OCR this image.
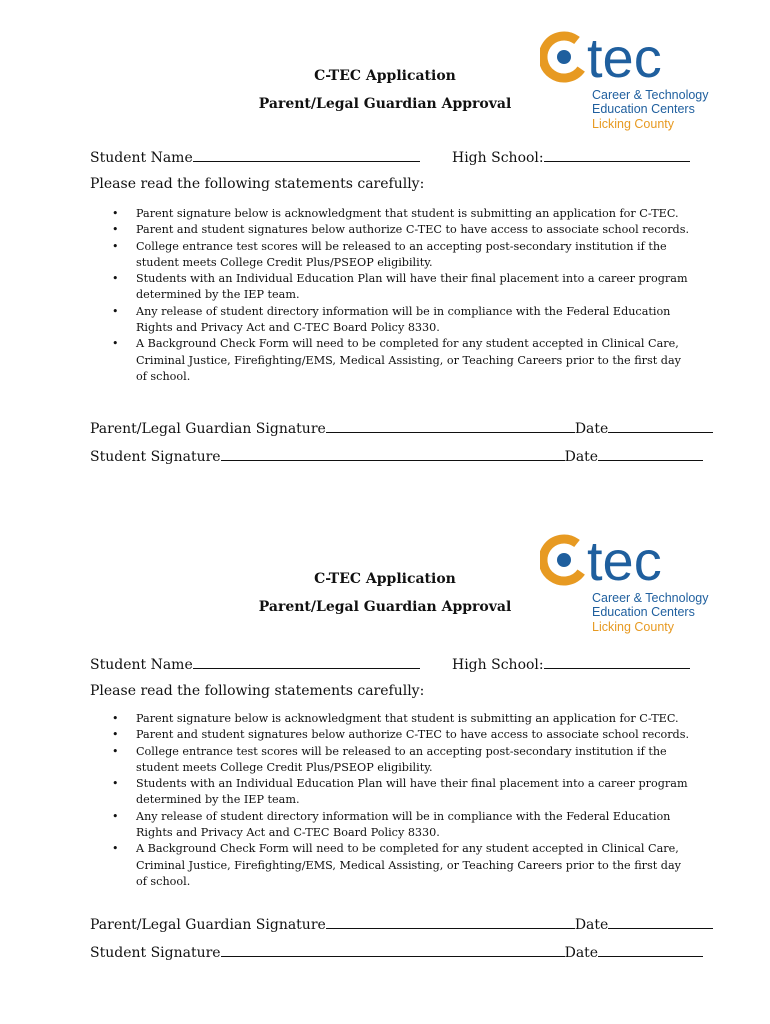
tec
Career & Technology
Education Centers
Licking County
C-TEC Application
Parent/Legal Guardian Approval
Student Name	High School:
Please read the following statements carefully:
• Parent signature below is acknowledgment that student is submitting an application for C-TEC.
• Parent and student signatures below authorize C-TEC to have access to associate school records.
• College entrance test scores will be released to an accepting post-secondary institution if the
student meets College Credit Plus/PSEOP eligibility.
• Students with an Individual Education Plan will have their final placement into a career program
determined by the IEP team.
• Any release of student directory information will be in compliance with the Federal Education
Rights and Privacy Act and C-TEC Board Policy 8330.
• A Background Check Form will need to be completed for any student accepted in Clinical Care,
Criminal Justice, Firefighting/EMS, Medical Assisting, or Teaching Careers prior to the first day
of school.
Parent/Legal Guardian Signature	Date
Student Signature	Date
tec
Career & Technology
Education Centers
Licking County
C-TEC Application
Parent/Legal Guardian Approval
Student Name	High School:
Please read the following statements carefully:
• Parent signature below is acknowledgment that student is submitting an application for C-TEC.
• Parent and student signatures below authorize C-TEC to have access to associate school records.
• College entrance test scores will be released to an accepting post-secondary institution if the
student meets College Credit Plus/PSEOP eligibility.
• Students with an Individual Education Plan will have their final placement into a career program
determined by the IEP team.
• Any release of student directory information will be in compliance with the Federal Education
Rights and Privacy Act and C-TEC Board Policy 8330.
• A Background Check Form will need to be completed for any student accepted in Clinical Care,
Criminal Justice, Firefighting/EMS, Medical Assisting, or Teaching Careers prior to the first day
of school.
Parent/Legal Guardian Signature	Date
Student Signature	Date
